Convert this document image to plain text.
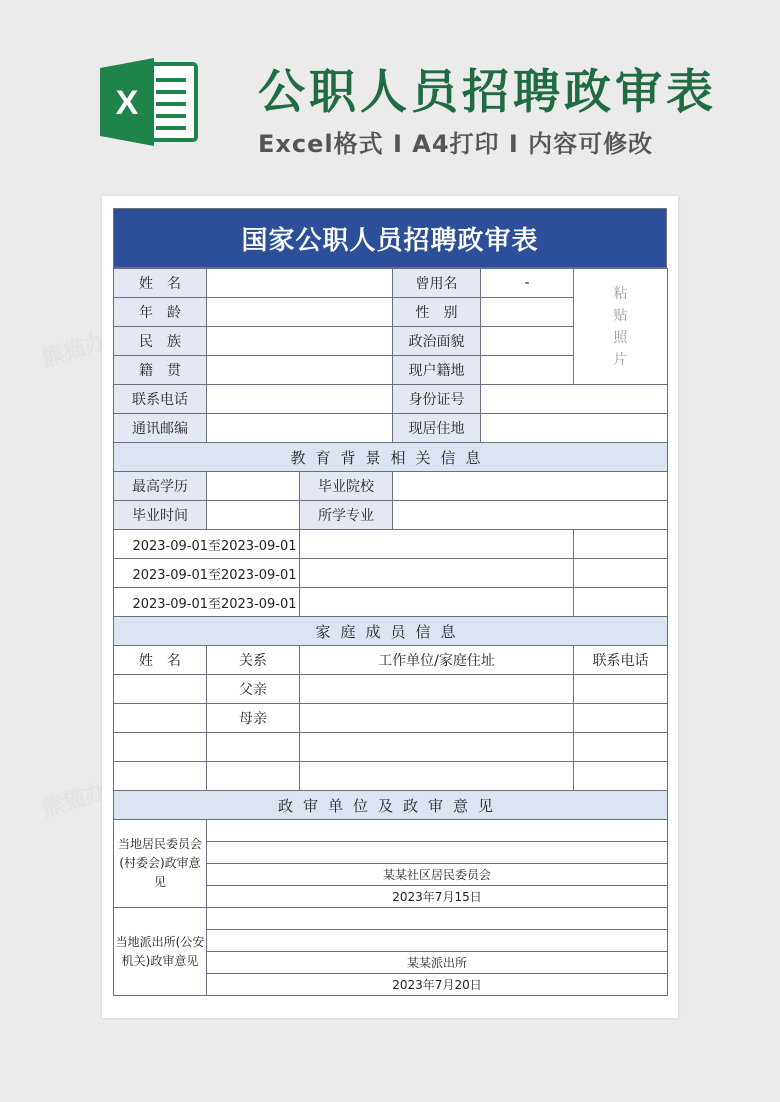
熊猫办公
熊猫办公
X	公职人员招聘政审表
Excel格式 I A4打印 I 内容可修改
国家公职人员招聘政审表
姓　名			曾用名	-	粘
贴
照
片

年　龄			性　别		
民　族			政治面貌		
籍　贯			现户籍地		
联系电话			身份证号		
通讯邮编			现居住地		
教育背景相关信息					
最高学历		毕业院校			
毕业时间		所学专业			
2023-09-01至2023-09-01					
2023-09-01至2023-09-01					
2023-09-01至2023-09-01					
家庭成员信息					
姓　名	关系	工作单位/家庭住址			联系电话
	父亲				
	母亲				

政审单位及政审意见					
当地居民委员会(村委会)政审意见					

	某某社区居民委员会				
	2023年7月15日				
当地派出所(公安机关)政审意见					

	某某派出所				
	2023年7月20日				
